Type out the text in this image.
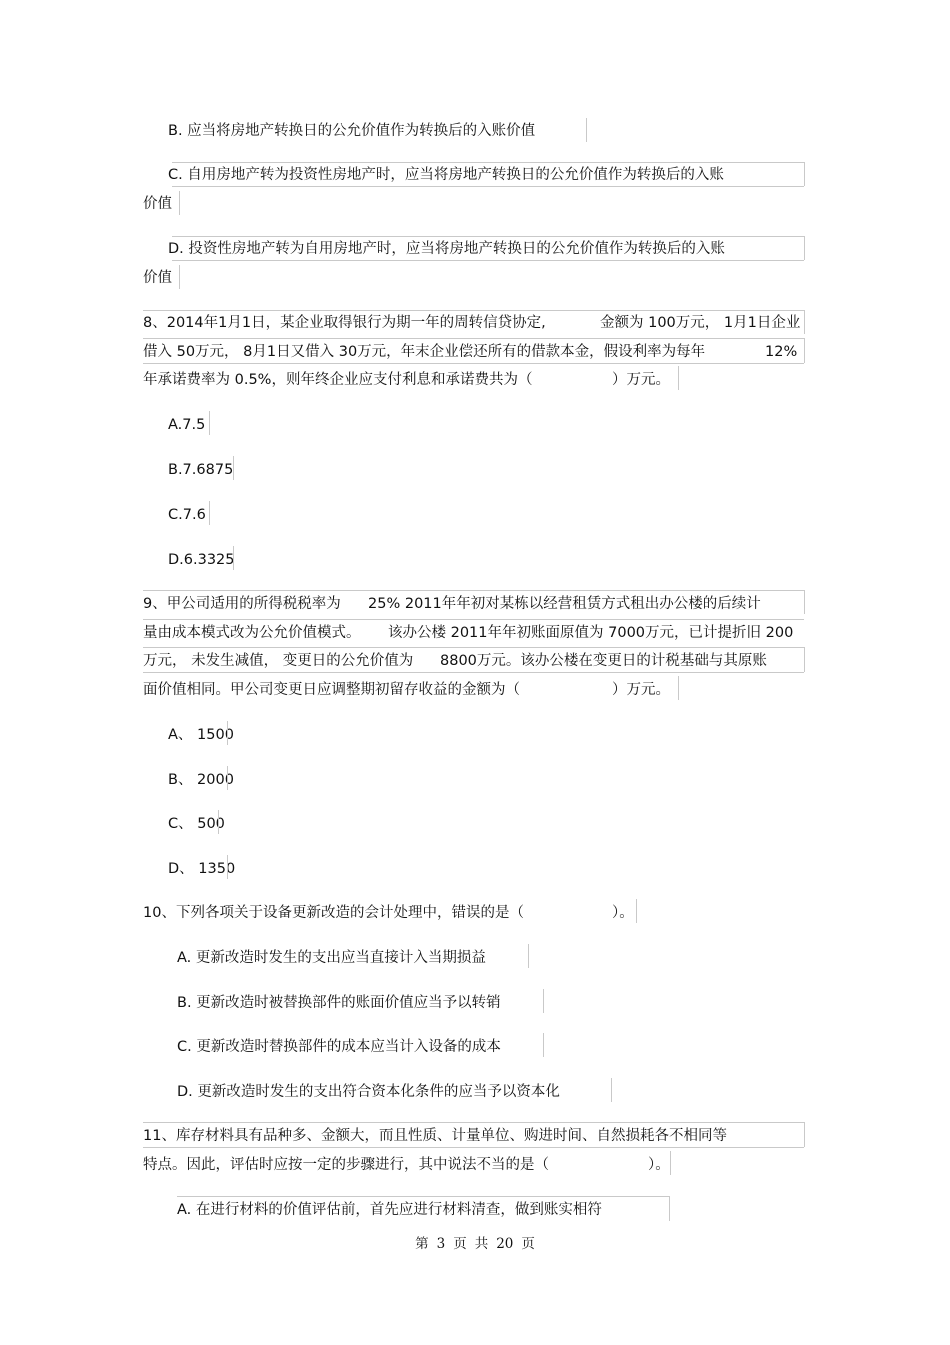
B. 应当将房地产转换日的公允价值作为转换后的入账价值
C. 自用房地产转为投资性房地产时，应当将房地产转换日的公允价值作为转换后的入账
价值
D. 投资性房地产转为自用房地产时，应当将房地产转换日的公允价值作为转换后的入账
价值
8、2014年1月1日，某企业取得银行为期一年的周转信贷协定,	金额为 100万元， 1月1日企业
借入 50万元， 8月1日又借入 30万元，年末企业偿还所有的借款本金，假设利率为每年	12%
年承诺费率为 0.5%，则年终企业应支付利息和承诺费共为（	）万元。
A.7.5
B.7.6875
C.7.6
D.6.3325
9、甲公司适用的所得税税率为 25% 2011年年初对某栋以经营租赁方式租出办公楼的后续计
量由成本模式改为公允价值模式。 该办公楼 2011年年初账面原值为 7000万元，已计提折旧 200
万元， 未发生减值， 变更日的公允价值为 8800万元。该办公楼在变更日的计税基础与其原账
面价值相同。甲公司变更日应调整期初留存收益的金额为（	）万元。
A、 1500
B、 2000
C、 500
D、 1350
10、下列各项关于设备更新改造的会计处理中，错误的是（	）。
A. 更新改造时发生的支出应当直接计入当期损益
B. 更新改造时被替换部件的账面价值应当予以转销
C. 更新改造时替换部件的成本应当计入设备的成本
D. 更新改造时发生的支出符合资本化条件的应当予以资本化
11、库存材料具有品种多、金额大，而且性质、计量单位、购进时间、自然损耗各不相同等
特点。因此，评估时应按一定的步骤进行，其中说法不当的是（	）。
A. 在进行材料的价值评估前，首先应进行材料清查，做到账实相符
第 3 页 共 20 页
